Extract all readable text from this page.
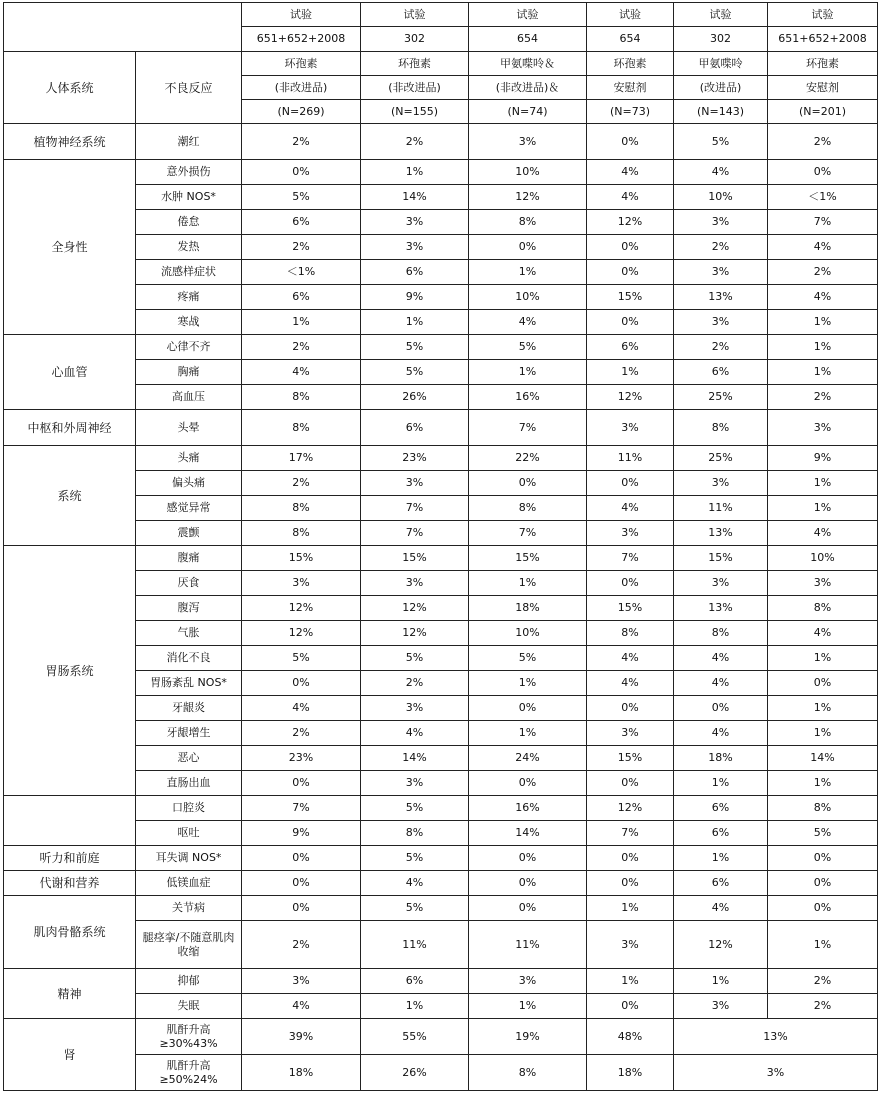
		试验	试验	试验	试验	试验	试验
		651+652+2008	302	654	654	302	651+652+2008
人体系统	不良反应	环孢素	环孢素	甲氨喋呤＆	环孢素	甲氨喋呤	环孢素
		(非改进品)	(非改进品)	(非改进品)＆	安慰剂	(改进品)	安慰剂
		(N=269)	(N=155)	(N=74)	(N=73)	(N=143)	(N=201)
植物神经系统	潮红	2%	2%	3%	0%	5%	2%
全身性	意外损伤	0%	1%	10%	4%	4%	0%
	水肿 NOS*	5%	14%	12%	4%	10%	＜1%
	倦怠	6%	3%	8%	12%	3%	7%
	发热	2%	3%	0%	0%	2%	4%
	流感样症状	＜1%	6%	1%	0%	3%	2%
	疼痛	6%	9%	10%	15%	13%	4%
	寒战	1%	1%	4%	0%	3%	1%
心血管	心律不齐	2%	5%	5%	6%	2%	1%
	胸痛	4%	5%	1%	1%	6%	1%
	高血压	8%	26%	16%	12%	25%	2%
中枢和外周神经	头晕	8%	6%	7%	3%	8%	3%
系统	头痛	17%	23%	22%	11%	25%	9%
	偏头痛	2%	3%	0%	0%	3%	1%
	感觉异常	8%	7%	8%	4%	11%	1%
	震颤	8%	7%	7%	3%	13%	4%
胃肠系统	腹痛	15%	15%	15%	7%	15%	10%
	厌食	3%	3%	1%	0%	3%	3%
	腹泻	12%	12%	18%	15%	13%	8%
	气胀	12%	12%	10%	8%	8%	4%
	消化不良	5%	5%	5%	4%	4%	1%
	胃肠紊乱 NOS*	0%	2%	1%	4%	4%	0%
	牙龈炎	4%	3%	0%	0%	0%	1%
	牙龈增生	2%	4%	1%	3%	4%	1%
	恶心	23%	14%	24%	15%	18%	14%
	直肠出血	0%	3%	0%	0%	1%	1%
	口腔炎	7%	5%	16%	12%	6%	8%
	呕吐	9%	8%	14%	7%	6%	5%
听力和前庭	耳失调 NOS*	0%	5%	0%	0%	1%	0%
代谢和营养	低镁血症	0%	4%	0%	0%	6%	0%
肌肉骨骼系统	关节病	0%	5%	0%	1%	4%	0%
	腿痉挛/不随意肌肉收缩	2%	11%	11%	3%	12%	1%
精神	抑郁	3%	6%	3%	1%	1%	2%
	失眠	4%	1%	1%	0%	3%	2%
肾	肌酐升高≥30%43%	39%	55%	19%	48%	13%	
	肌酐升高≥50%24%	18%	26%	8%	18%	3%	
